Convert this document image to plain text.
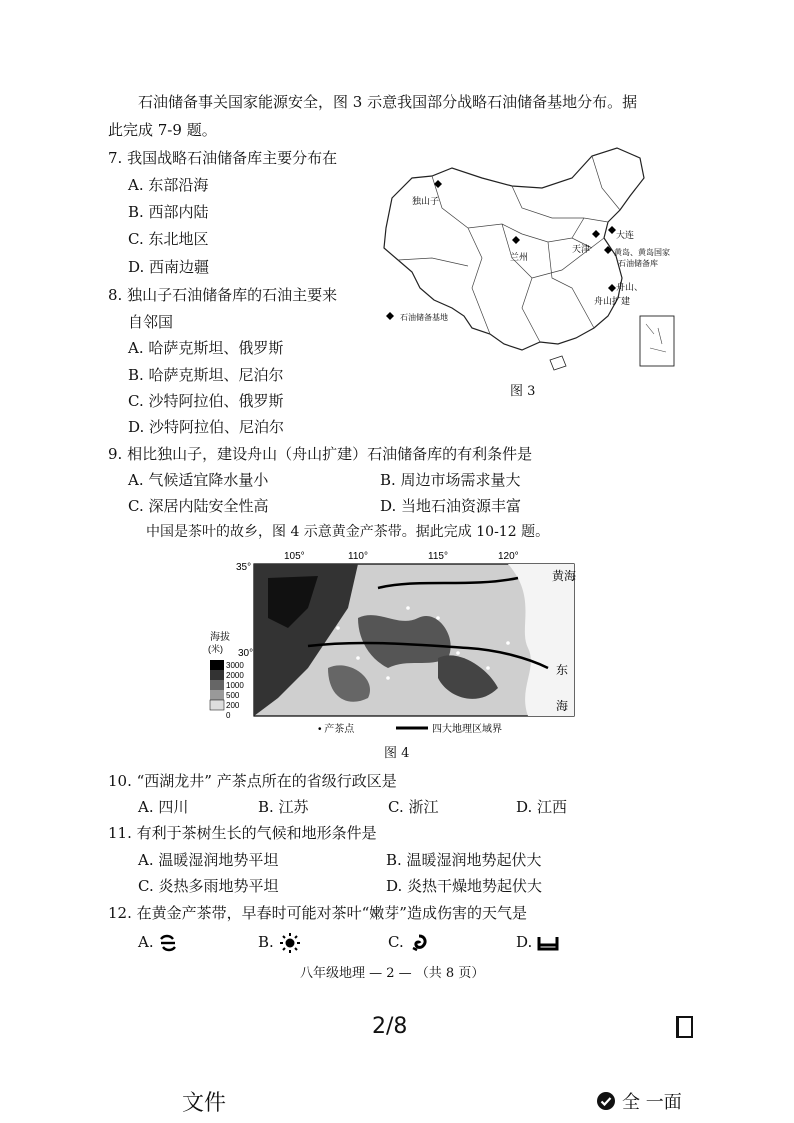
石油储备事关国家能源安全，图 3 示意我国部分战略石油储备基地分布。据
此完成 7-9 题。
7. 我国战略石油储备库主要分布在
A. 东部沿海
B. 西部内陆
C. 东北地区
D. 西南边疆
8. 独山子石油储备库的石油主要来
自邻国
A. 哈萨克斯坦、俄罗斯
B. 哈萨克斯坦、尼泊尔
C. 沙特阿拉伯、俄罗斯
D. 沙特阿拉伯、尼泊尔
独山子
兰州
天津
大连
黄岛、黄岛国家
石油储备库
舟山、
舟山扩建
石油储备基地
图 3
9. 相比独山子，建设舟山（舟山扩建）石油储备库的有利条件是
A. 气候适宜降水量小	B. 周边市场需求量大
C. 深居内陆安全性高	D. 当地石油资源丰富
中国是茶叶的故乡，图 4 示意黄金产茶带。据此完成 10-12 题。
105°	110°	115°	120°
35°
30°
黄 海
东
海
海拔
(米)
3000
2000
1000
500
200
0
• 产茶点	四大地理区域界
图 4
10. “西湖龙井” 产茶点所在的省级行政区是
A. 四川	B. 江苏	C. 浙江	D. 江西
11. 有利于茶树生长的气候和地形条件是
A. 温暖湿润地势平坦	B. 温暖湿润地势起伏大
C. 炎热多雨地势平坦	D. 炎热干燥地势起伏大
12. 在黄金产茶带，早春时可能对茶叶“嫩芽”造成伤害的天气是
A.	B.	C.	D.
八年级地理 — 2 — （共 8 页）
2/8
文件	全 一面
